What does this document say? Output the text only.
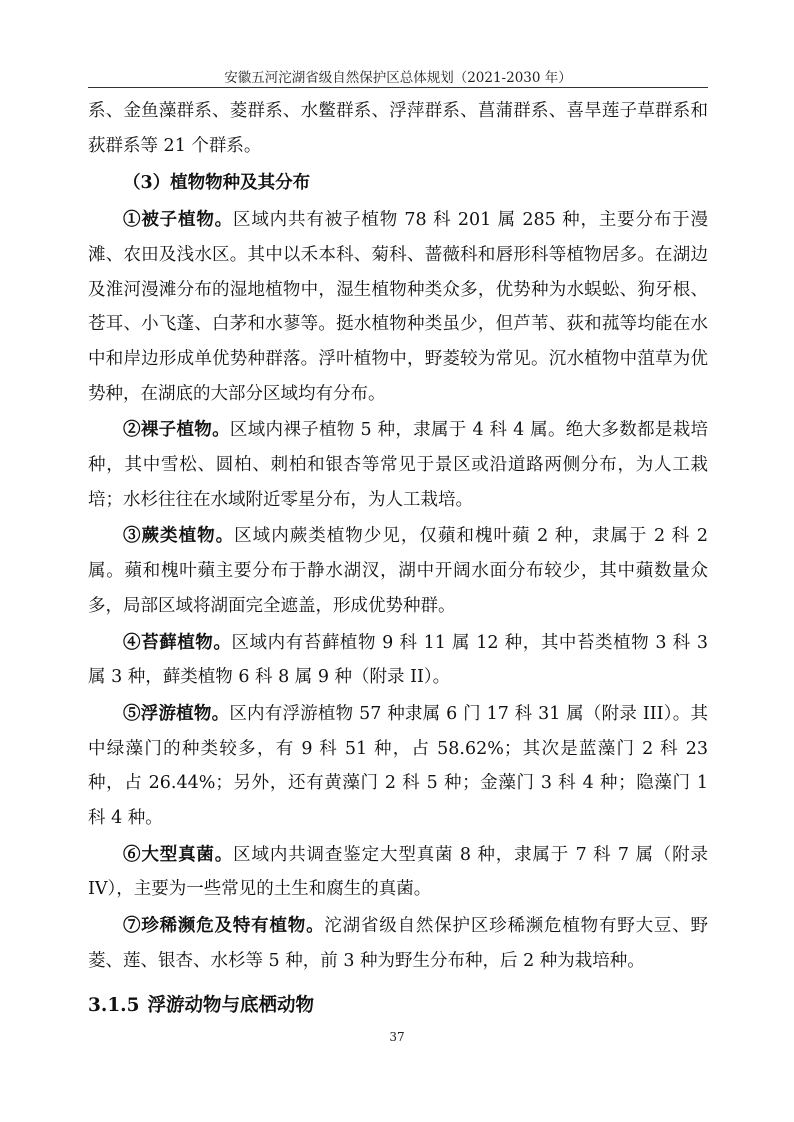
安徽五河沱湖省级自然保护区总体规划（2021-2030 年）

系、金鱼藻群系、菱群系、水鳖群系、浮萍群系、菖蒲群系、喜旱莲子草群系和荻群系等 21 个群系。

（3）植物物种及其分布

①被子植物。区域内共有被子植物 78 科 201 属 285 种，主要分布于漫滩、农田及浅水区。其中以禾本科、菊科、蔷薇科和唇形科等植物居多。在湖边及淮河漫滩分布的湿地植物中，湿生植物种类众多，优势种为水蜈蚣、狗牙根、苍耳、小飞蓬、白茅和水蓼等。挺水植物种类虽少，但芦苇、荻和菰等均能在水中和岸边形成单优势种群落。浮叶植物中，野菱较为常见。沉水植物中菹草为优势种，在湖底的大部分区域均有分布。

②裸子植物。区域内裸子植物 5 种，隶属于 4 科 4 属。绝大多数都是栽培种，其中雪松、圆柏、刺柏和银杏等常见于景区或沿道路两侧分布，为人工栽培；水杉往往在水域附近零星分布，为人工栽培。

③蕨类植物。区域内蕨类植物少见，仅蘋和槐叶蘋 2 种，隶属于 2 科 2 属。蘋和槐叶蘋主要分布于静水湖汊，湖中开阔水面分布较少，其中蘋数量众多，局部区域将湖面完全遮盖，形成优势种群。

④苔藓植物。区域内有苔藓植物 9 科 11 属 12 种，其中苔类植物 3 科 3 属 3 种，藓类植物 6 科 8 属 9 种（附录 II）。

⑤浮游植物。区内有浮游植物 57 种隶属 6 门 17 科 31 属（附录 III）。其中绿藻门的种类较多，有 9 科 51 种，占 58.62%；其次是蓝藻门 2 科 23 种，占 26.44%；另外，还有黄藻门 2 科 5 种；金藻门 3 科 4 种；隐藻门 1 科 4 种。

⑥大型真菌。区域内共调查鉴定大型真菌 8 种，隶属于 7 科 7 属（附录 IV），主要为一些常见的土生和腐生的真菌。

⑦珍稀濒危及特有植物。沱湖省级自然保护区珍稀濒危植物有野大豆、野菱、莲、银杏、水杉等 5 种，前 3 种为野生分布种，后 2 种为栽培种。

3.1.5 浮游动物与底栖动物

37
